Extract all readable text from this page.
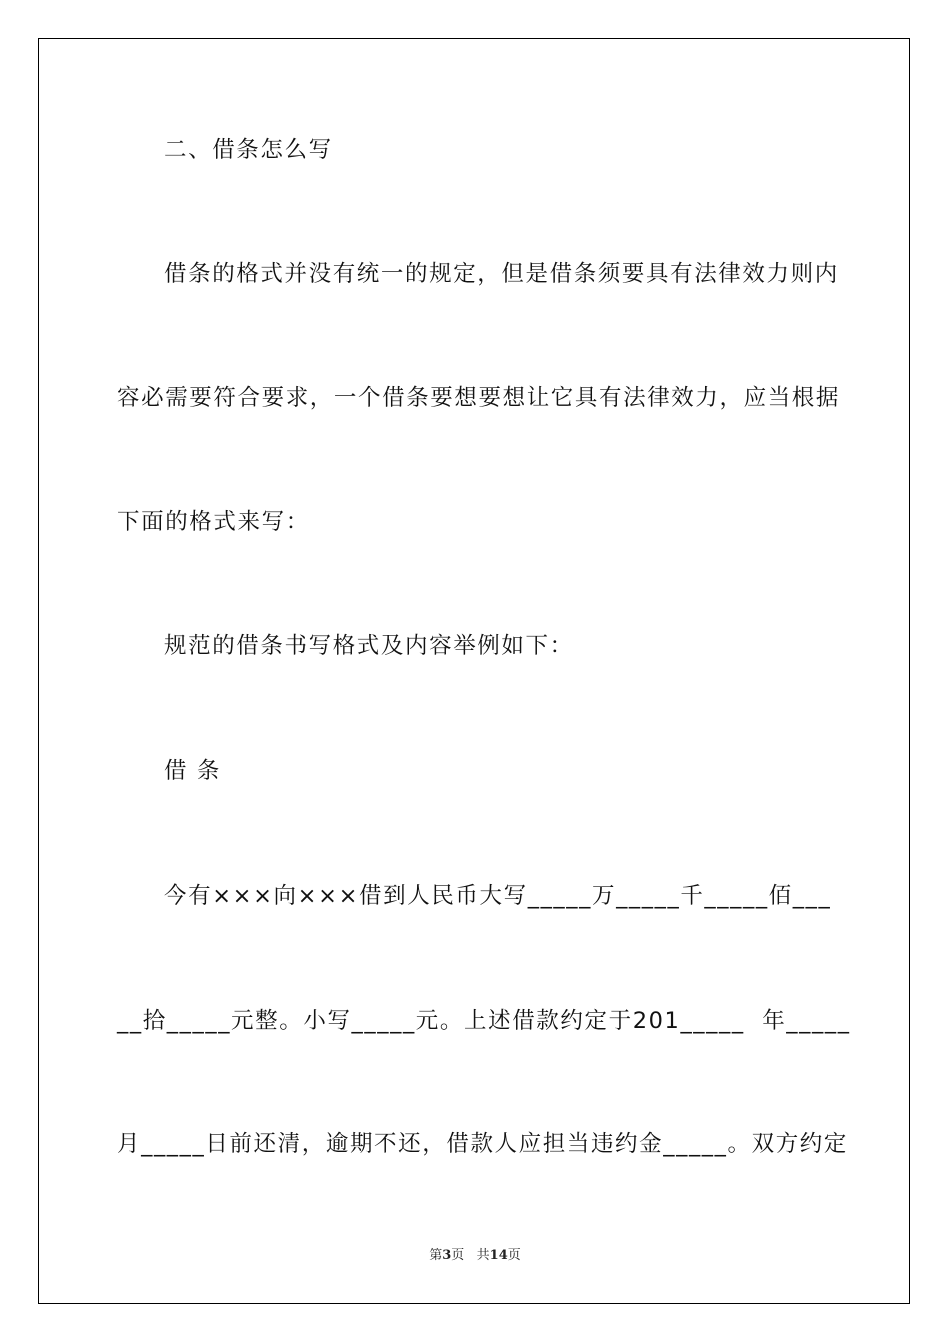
二、借条怎么写
借条的格式并没有统一的规定，但是借条须要具有法律效力则内
容必需要符合要求，一个借条要想要想让它具有法律效力，应当根据
下面的格式来写：
规范的借条书写格式及内容举例如下：
借 条
今有×××向×××借到人民币大写_____万_____千_____佰___
__拾_____元整。小写_____元。上述借款约定于201_____  年_____
月_____日前还清，逾期不还，借款人应担当违约金_____。双方约定
第3页   共14页
